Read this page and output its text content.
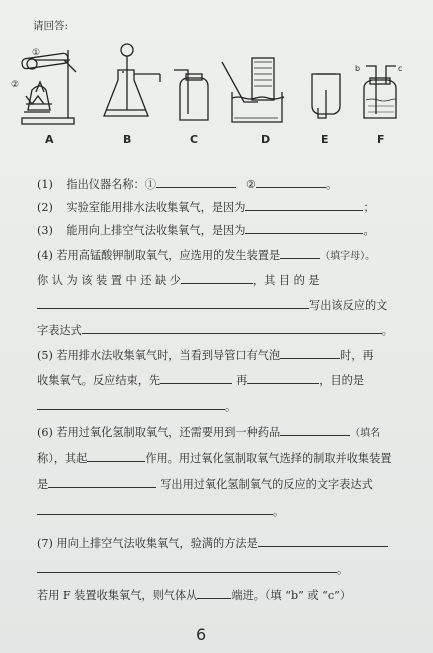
请回答:
②
①
b	c
A	B	C	D	E	F
(1) 指出仪器名称：①	②	。
(2) 实验室能用排水法收集氧气，是因为	；
(3) 能用向上排空气法收集氧气，是因为	。
(4) 若用高锰酸钾制取氧气，应选用的发生装置是	（填字母）。
你 认 为 该 装 置 中 还 缺 少	，其 目 的 是
写出该反应的文
字表达式	。
(5) 若用排水法收集氧气时，当看到导管口有气泡	时，再
收集氧气。反应结束，先	再	，目的是
。
(6) 若用过氧化氢制取氧气，还需要用到一种药品	（填名
称），其起	作用。用过氧化氢制取氧气选择的制取并收集装置
是	写出用过氧化氢制氧气的反应的文字表达式
。
(7) 用向上排空气法收集氧气，验满的方法是
。
若用 F 装置收集氧气，则气体从	端进。（填 “b” 或 “c”）
6
